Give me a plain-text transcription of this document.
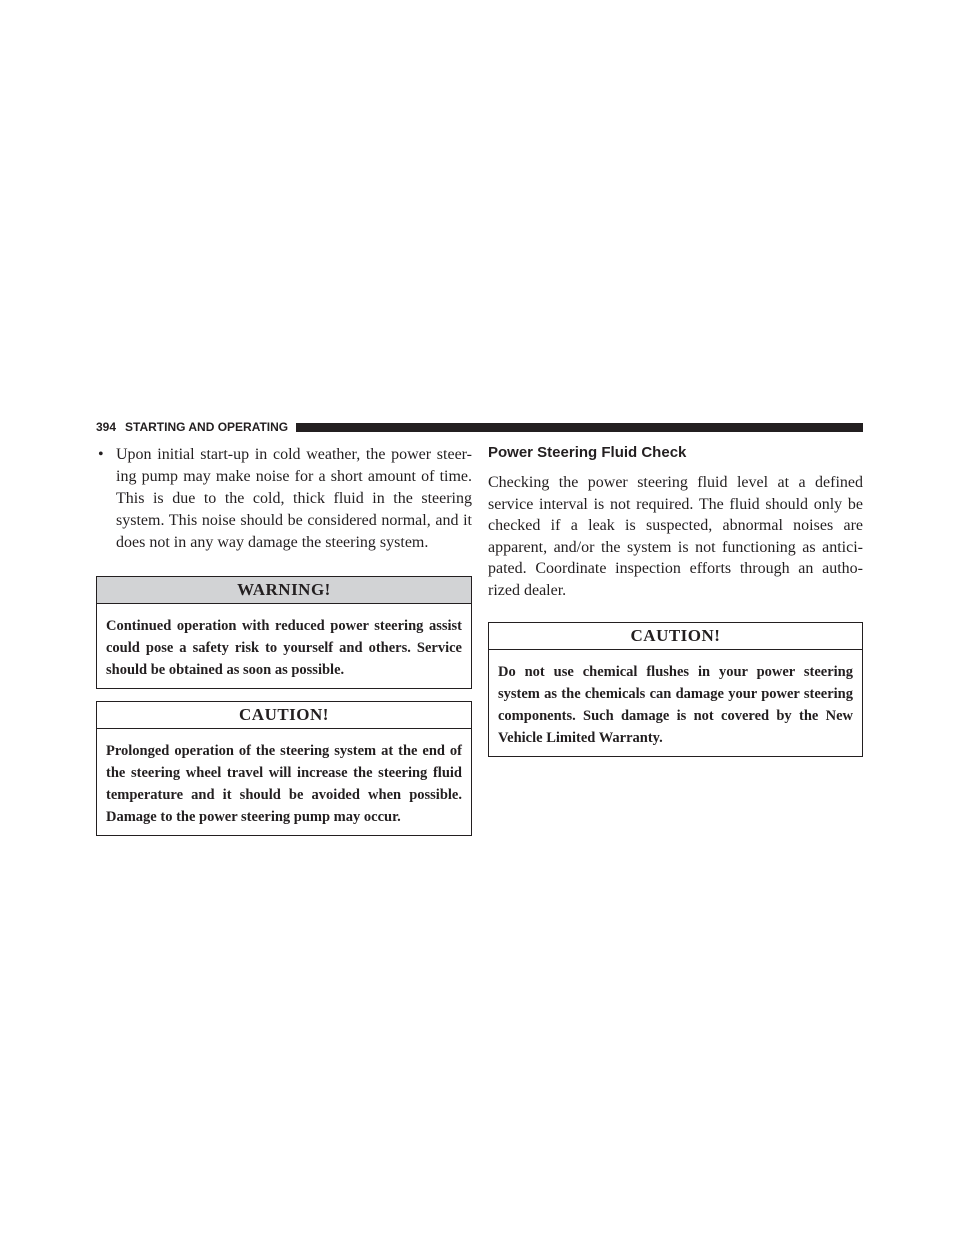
394 STARTING AND OPERATING
• Upon initial start-up in cold weather, the power steer-ing pump may make noise for a short amount of time. This is due to the cold, thick fluid in the steering system. This noise should be considered normal, and it does not in any way damage the steering system.
WARNING!
Continued operation with reduced power steering assist could pose a safety risk to yourself and others. Service should be obtained as soon as possible.
CAUTION!
Prolonged operation of the steering system at the end of the steering wheel travel will increase the steering fluid temperature and it should be avoided when possible. Damage to the power steering pump may occur.
Power Steering Fluid Check

Checking the power steering fluid level at a defined service interval is not required. The fluid should only be checked if a leak is suspected, abnormal noises are apparent, and/or the system is not functioning as antici-pated. Coordinate inspection efforts through an autho-rized dealer.

CAUTION!
Do not use chemical flushes in your power steering system as the chemicals can damage your power steering components. Such damage is not covered by the New Vehicle Limited Warranty.
